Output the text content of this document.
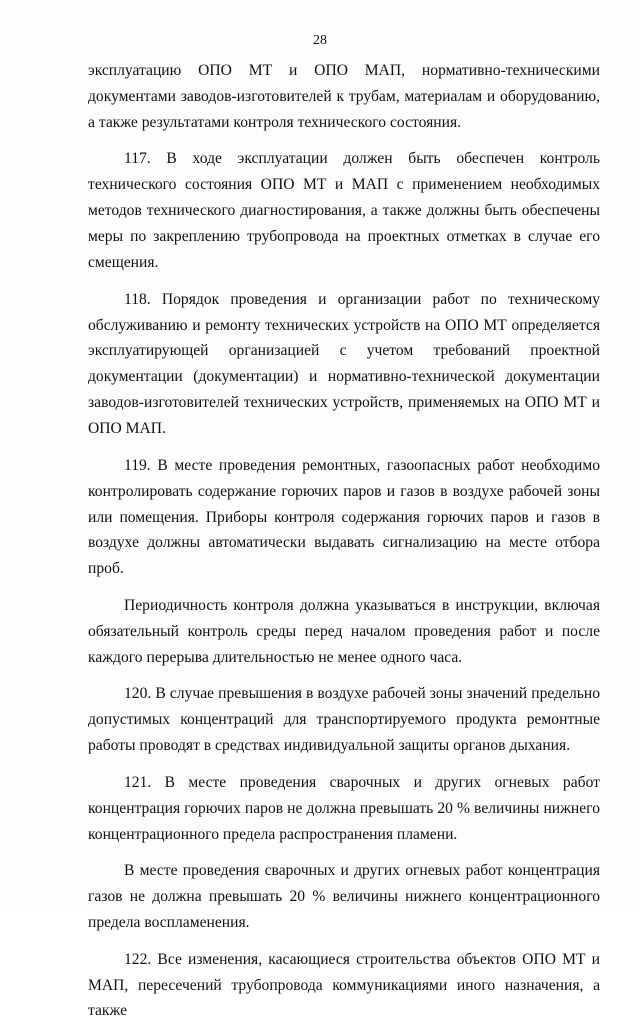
28

эксплуатацию ОПО МТ и ОПО МАП, нормативно-техническими документами заводов-изготовителей к трубам, материалам и оборудованию, а также результатами контроля технического состояния.

117. В ходе эксплуатации должен быть обеспечен контроль технического состояния ОПО МТ и МАП с применением необходимых методов технического диагностирования, а также должны быть обеспечены меры по закреплению трубопровода на проектных отметках в случае его смещения.

118. Порядок проведения и организации работ по техническому обслуживанию и ремонту технических устройств на ОПО МТ определяется эксплуатирующей организацией с учетом требований проектной документации (документации) и нормативно-технической документации заводов-изготовителей технических устройств, применяемых на ОПО МТ и ОПО МАП.

119. В месте проведения ремонтных, газоопасных работ необходимо контролировать содержание горючих паров и газов в воздухе рабочей зоны или помещения. Приборы контроля содержания горючих паров и газов в воздухе должны автоматически выдавать сигнализацию на месте отбора проб.

Периодичность контроля должна указываться в инструкции, включая обязательный контроль среды перед началом проведения работ и после каждого перерыва длительностью не менее одного часа.

120. В случае превышения в воздухе рабочей зоны значений предельно допустимых концентраций для транспортируемого продукта ремонтные работы проводят в средствах индивидуальной защиты органов дыхания.

121. В месте проведения сварочных и других огневых работ концентрация горючих паров не должна превышать 20 % величины нижнего концентрационного предела распространения пламени.

В месте проведения сварочных и других огневых работ концентрация газов не должна превышать 20 % величины нижнего концентрационного предела воспламенения.

122. Все изменения, касающиеся строительства объектов ОПО МТ и МАП, пересечений трубопровода коммуникациями иного назначения, а также
